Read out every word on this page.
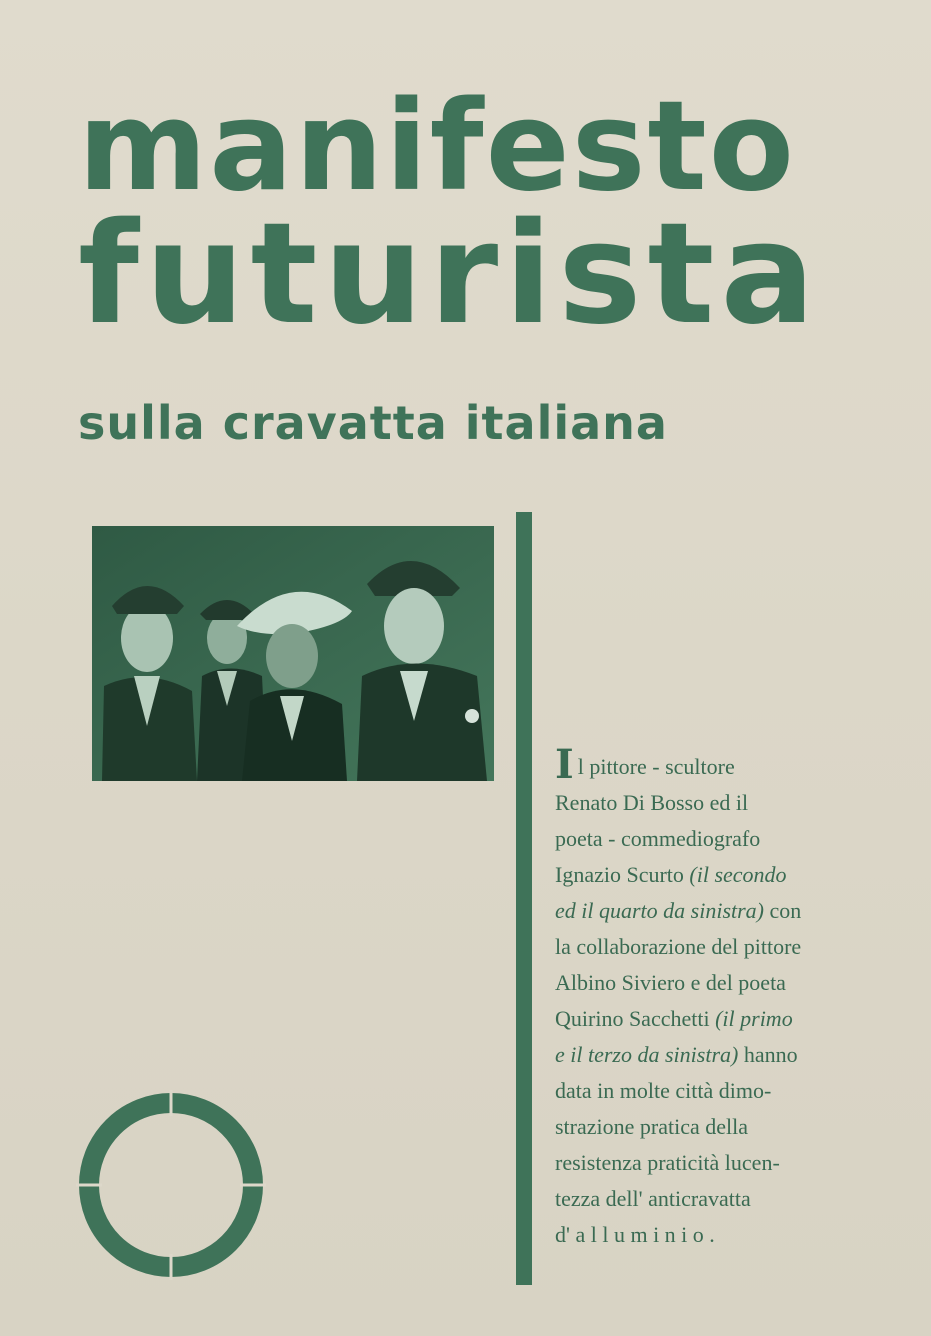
manifesto
futurista
sulla cravatta italiana
Il pittore - scultore
Renato Di Bosso ed il
poeta - commediografo
Ignazio Scurto (il secondo
ed il quarto da sinistra) con
la collaborazione del pittore
Albino Siviero e del poeta
Quirino Sacchetti (il primo
e il terzo da sinistra) hanno
data in molte città dimo-
strazione pratica della
resistenza praticità lucen-
tezza dell' anticravatta
d' a l l u m i n i o .
